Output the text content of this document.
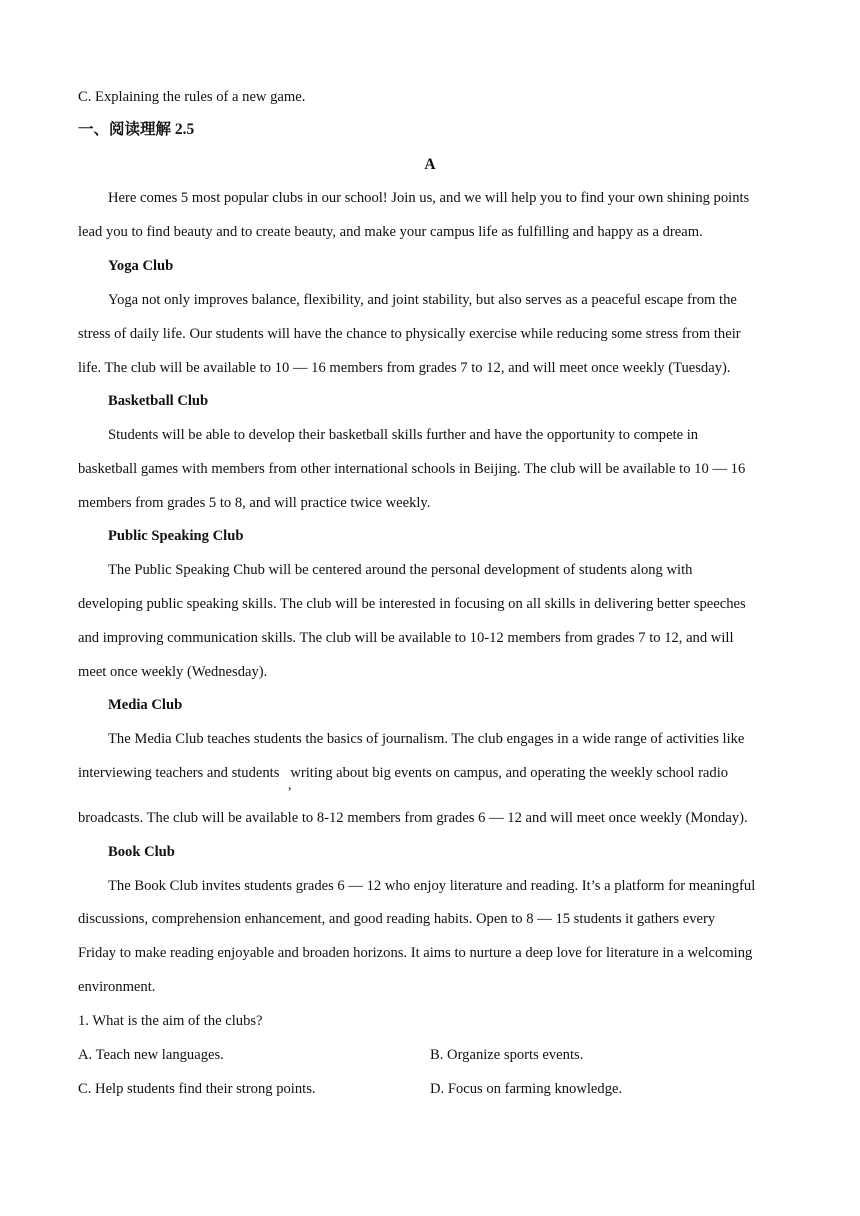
C. Explaining the rules of a new game.
一、阅读理解 2.5
A
Here comes 5 most popular clubs in our school! Join us, and we will help you to find your own shining points
lead you to find beauty and to create beauty, and make your campus life as fulfilling and happy as a dream.
Yoga Club
Yoga not only improves balance, flexibility, and joint stability, but also serves as a peaceful escape from the
stress of daily life. Our students will have the chance to physically exercise while reducing some stress from their
life. The club will be available to 10 — 16 members from grades 7 to 12, and will meet once weekly (Tuesday).
Basketball Club
Students will be able to develop their basketball skills further and have the opportunity to compete in
basketball games with members from other international schools in Beijing. The club will be available to 10 — 16
members from grades 5 to 8, and will practice twice weekly.
Public Speaking Club
The Public Speaking Chub will be centered around the personal development of students along with
developing public speaking skills. The club will be interested in focusing on all skills in delivering better speeches
and improving communication skills. The club will be available to 10-12 members from grades 7 to 12, and will
meet once weekly (Wednesday).
Media Club
The Media Club teaches students the basics of journalism. The club engages in a wide range of activities like
interviewing teachers and students   writing about big events on campus, and operating the weekly school radio
,
broadcasts. The club will be available to 8-12 members from grades 6 — 12 and will meet once weekly (Monday).
Book Club
The Book Club invites students grades 6 — 12 who enjoy literature and reading. It’s a platform for meaningful
discussions, comprehension enhancement, and good reading habits. Open to 8 — 15 students it gathers every
Friday to make reading enjoyable and broaden horizons. It aims to nurture a deep love for literature in a welcoming
environment.
1. What is the aim of the clubs?
A. Teach new languages.	B. Organize sports events.
C. Help students find their strong points.	D. Focus on farming knowledge.
